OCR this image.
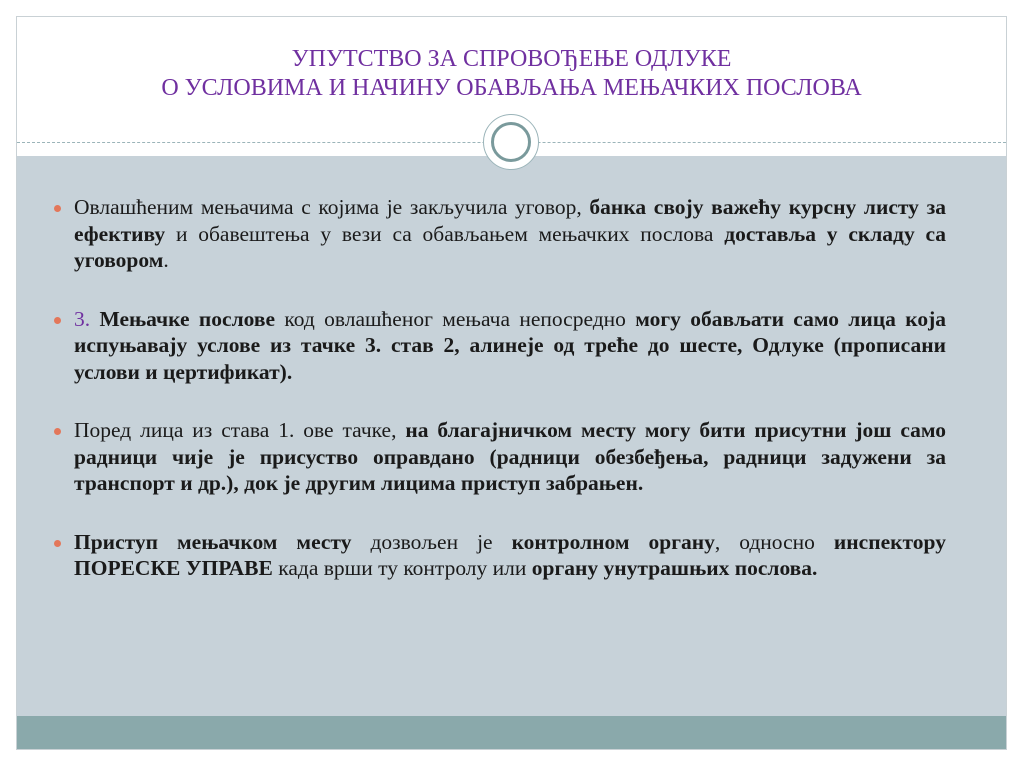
УПУТСТВО ЗА СПРОВОЂЕЊЕ ОДЛУКЕ
О УСЛОВИМА И НАЧИНУ ОБАВЉАЊА МЕЊАЧКИХ ПОСЛОВА
Овлашћеним мењачима с којима је закључила уговор, банка своју важећу курсну листу за ефективу и обавештења у вези са обављањем мењачких послова доставља у складу са уговором.
3. Мењачке послове код овлашћеног мењача непосредно могу обављати само лица која испуњавају услове из тачке 3. став 2, алинеје од треће до шесте, Одлуке (прописани услови и цертификат).
Поред лица из става 1. ове тачке, на благајничком месту могу бити присутни још само радници чије је присуство оправдано (радници обезбеђења, радници задужени за транспорт и др.), док је другим лицима приступ забрањен.
Приступ мењачком месту дозвољен је контролном органу, односно инспектору ПОРЕСКЕ УПРАВЕ када врши ту контролу или органу унутрашњих послова.
